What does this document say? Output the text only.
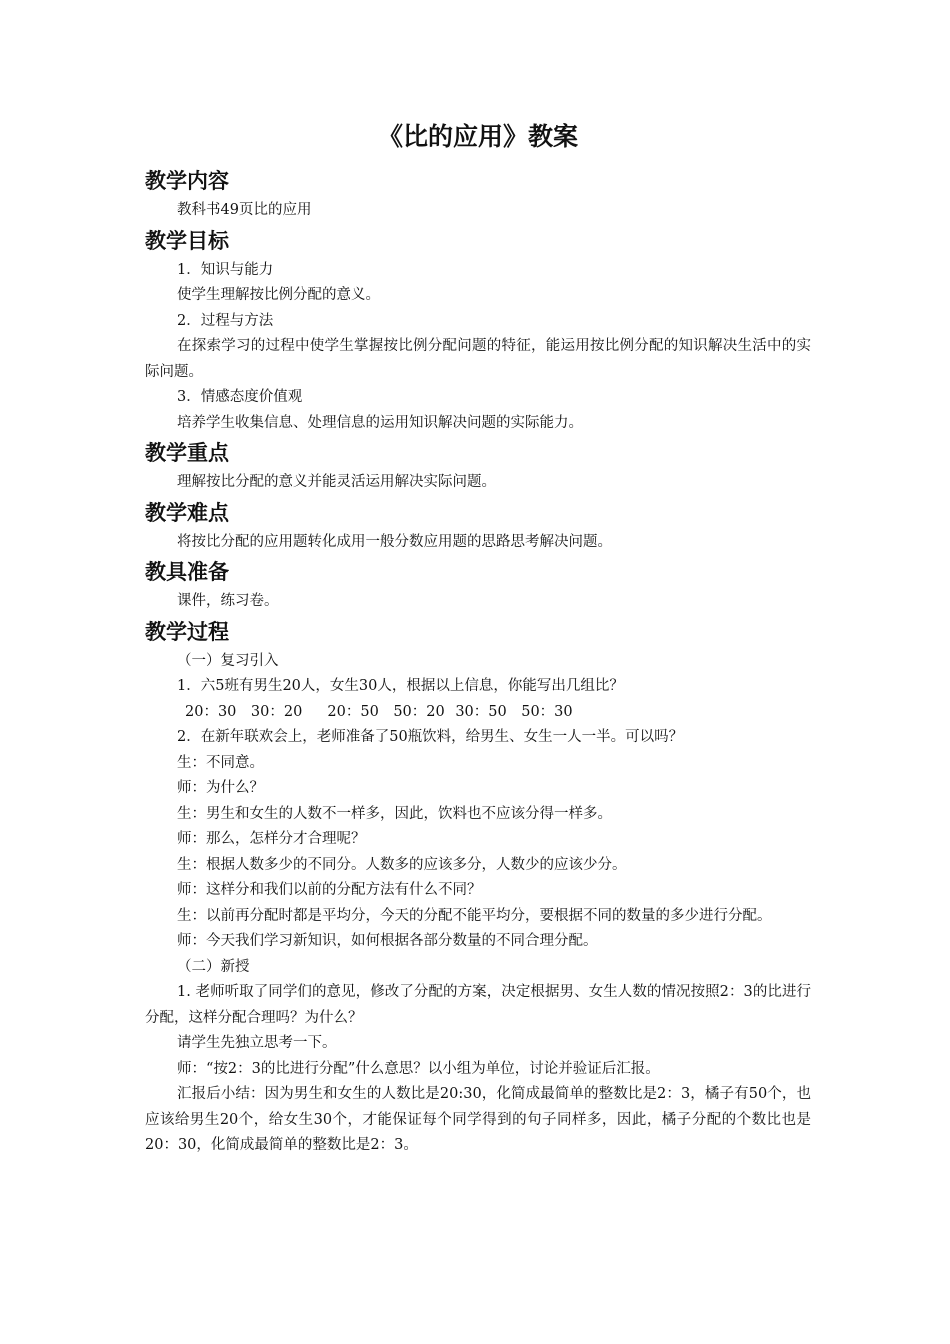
《比的应用》教案
教学内容
教科书49页比的应用
教学目标
1．知识与能力
使学生理解按比例分配的意义。
2．过程与方法
在探索学习的过程中使学生掌握按比例分配问题的特征，能运用按比例分配的知识解决生活中的实际问题。
3．情感态度价值观
培养学生收集信息、处理信息的运用知识解决问题的实际能力。
教学重点
理解按比分配的意义并能灵活运用解决实际问题。
教学难点
将按比分配的应用题转化成用一般分数应用题的思路思考解决问题。
教具准备
课件，练习卷。
教学过程
（一）复习引入
1．六5班有男生20人，女生30人，根据以上信息，你能写出几组比？
20：30　30：20　 20：50　50：20 30：50　50：30
2．在新年联欢会上，老师准备了50瓶饮料，给男生、女生一人一半。可以吗？
生：不同意。
师：为什么？
生：男生和女生的人数不一样多，因此，饮料也不应该分得一样多。
师：那么，怎样分才合理呢？
生：根据人数多少的不同分。人数多的应该多分，人数少的应该少分。
师：这样分和我们以前的分配方法有什么不同？
生：以前再分配时都是平均分，今天的分配不能平均分，要根据不同的数量的多少进行分配。
师：今天我们学习新知识，如何根据各部分数量的不同合理分配。
（二）新授
1. 老师听取了同学们的意见，修改了分配的方案，决定根据男、女生人数的情况按照2：3的比进行分配，这样分配合理吗？为什么？
请学生先独立思考一下。
师：“按2：3的比进行分配”什么意思？以小组为单位，讨论并验证后汇报。
汇报后小结：因为男生和女生的人数比是20:30，化简成最简单的整数比是2：3，橘子有50个，也应该给男生20个，给女生30个，才能保证每个同学得到的句子同样多，因此，橘子分配的个数比也是20：30，化简成最简单的整数比是2：3。
